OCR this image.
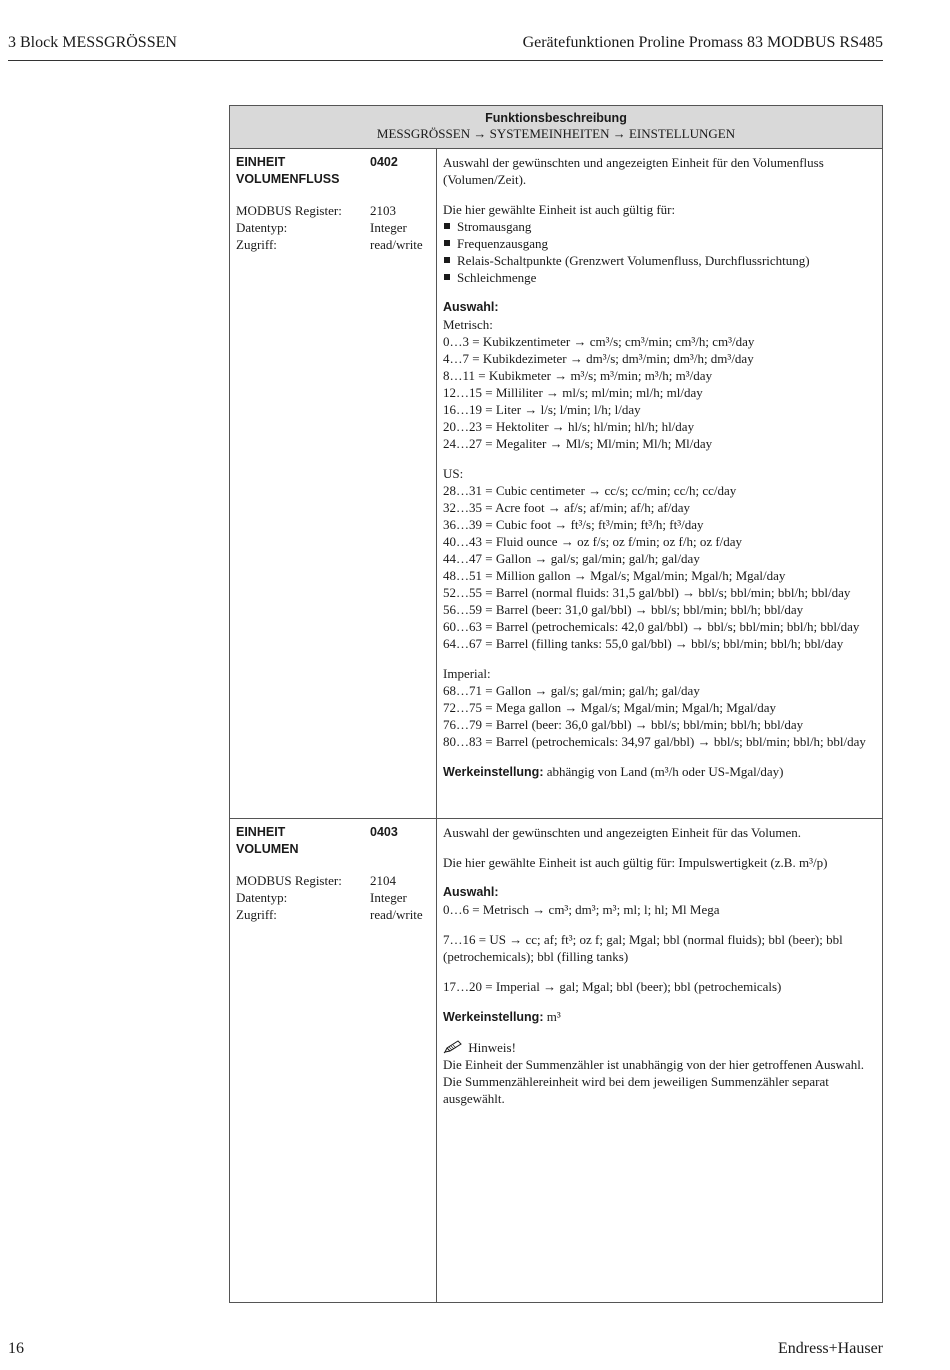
3 Block MESSGRÖSSEN	Gerätefunktionen Proline Promass 83 MODBUS RS485
Funktionsbeschreibung
MESSGRÖSSEN → SYSTEMEINHEITEN → EINSTELLUNGEN
EINHEIT
VOLUMENFLUSS
0402
MODBUS Register: 2103
Datentyp:	Integer
Zugriff:	read/write

Auswahl der gewünschten und angezeigten Einheit für den Volumenfluss (Volumen/Zeit).

Die hier gewählte Einheit ist auch gültig für:
Stromausgang
Frequenzausgang
Relais-Schaltpunkte (Grenzwert Volumenfluss, Durchflussrichtung)
Schleichmenge
Auswahl:
Metrisch:
0…3 = Kubikzentimeter → cm³/s; cm³/min; cm³/h; cm³/day
4…7 = Kubikdezimeter → dm³/s; dm³/min; dm³/h; dm³/day
8…11 = Kubikmeter → m³/s; m³/min; m³/h; m³/day
12…15 = Milliliter → ml/s; ml/min; ml/h; ml/day
16…19 = Liter → l/s; l/min; l/h; l/day
20…23 = Hektoliter → hl/s; hl/min; hl/h; hl/day
24…27 = Megaliter → Ml/s; Ml/min; Ml/h; Ml/day
US:
28…31 = Cubic centimeter → cc/s; cc/min; cc/h; cc/day
32…35 = Acre foot → af/s; af/min; af/h; af/day
36…39 = Cubic foot → ft³/s; ft³/min; ft³/h; ft³/day
40…43 = Fluid ounce → oz f/s; oz f/min; oz f/h; oz f/day
44…47 = Gallon → gal/s; gal/min; gal/h; gal/day
48…51 = Million gallon → Mgal/s; Mgal/min; Mgal/h; Mgal/day
52…55 = Barrel (normal fluids: 31,5 gal/bbl) → bbl/s; bbl/min; bbl/h; bbl/day
56…59 = Barrel (beer: 31,0 gal/bbl) → bbl/s; bbl/min; bbl/h; bbl/day
60…63 = Barrel (petrochemicals: 42,0 gal/bbl) → bbl/s; bbl/min; bbl/h; bbl/day
64…67 = Barrel (filling tanks: 55,0 gal/bbl) → bbl/s; bbl/min; bbl/h; bbl/day
Imperial:
68…71 = Gallon → gal/s; gal/min; gal/h; gal/day
72…75 = Mega gallon → Mgal/s; Mgal/min; Mgal/h; Mgal/day
76…79 = Barrel (beer: 36,0 gal/bbl) → bbl/s; bbl/min; bbl/h; bbl/day
80…83 = Barrel (petrochemicals: 34,97 gal/bbl) → bbl/s; bbl/min; bbl/h; bbl/day
Werkeinstellung: abhängig von Land (m³/h oder US-Mgal/day)
EINHEIT
VOLUMEN
0403
MODBUS Register: 2104
Datentyp:	Integer
Zugriff:	read/write

Auswahl der gewünschten und angezeigten Einheit für das Volumen.

Die hier gewählte Einheit ist auch gültig für: Impulswertigkeit (z.B. m³/p)

Auswahl:

0…6 = Metrisch → cm³; dm³; m³; ml; l; hl; Ml Mega

7…16 = US → cc; af; ft³; oz f; gal; Mgal; bbl (normal fluids); bbl (beer); bbl (petrochemicals); bbl (filling tanks)

17…20 = Imperial → gal; Mgal; bbl (beer); bbl (petrochemicals)

Werkeinstellung: m³

Hinweis!
Die Einheit der Summenzähler ist unabhängig von der hier getroffenen Auswahl. Die Summenzählereinheit wird bei dem jeweiligen Summenzähler separat ausgewählt.
16	Endress+Hauser
